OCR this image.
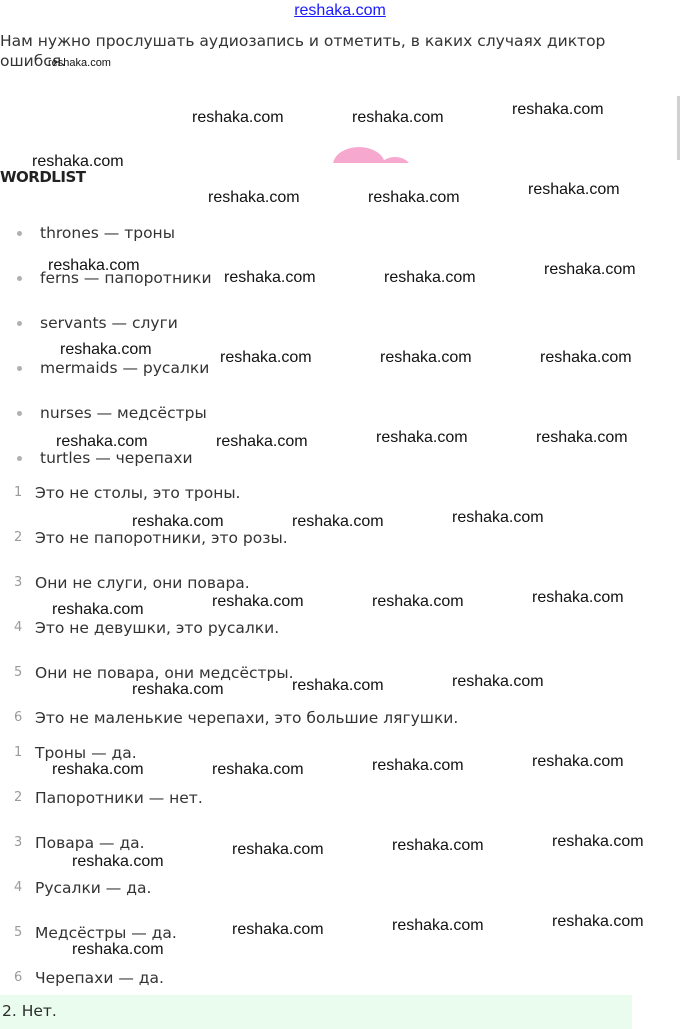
reshaka.com
Нам нужно прослушать аудиозапись и отметить, в каких случаях диктор ошибся.
WORDLIST
thrones — троны
ferns — папоротники
servants — слуги
mermaids — русалки
nurses — медсёстры
turtles — черепахи
1 Это не столы, это троны.
2 Это не папоротники, это розы.
3 Они не слуги, они повара.
4 Это не девушки, это русалки.
5 Они не повара, они медсёстры.
6 Это не маленькие черепахи, это большие лягушки.
1 Троны — да.
2 Папоротники — нет.
3 Повара — да.
4 Русалки — да.
5 Медсёстры — да.
6 Черепахи — да.
2. Нет.
reshaka.com
reshaka.com	reshaka.com	reshaka.com
reshaka.com
reshaka.com	reshaka.com	reshaka.com
reshaka.com
reshaka.com	reshaka.com	reshaka.com
reshaka.com	reshaka.com	reshaka.com	reshaka.com
reshaka.com	reshaka.com	reshaka.com	reshaka.com
reshaka.com	reshaka.com	reshaka.com
reshaka.com	reshaka.com	reshaka.com	reshaka.com
reshaka.com	reshaka.com	reshaka.com
reshaka.com	reshaka.com	reshaka.com	reshaka.com
reshaka.com
reshaka.com	reshaka.com	reshaka.com
reshaka.com
reshaka.com	reshaka.com	reshaka.com
